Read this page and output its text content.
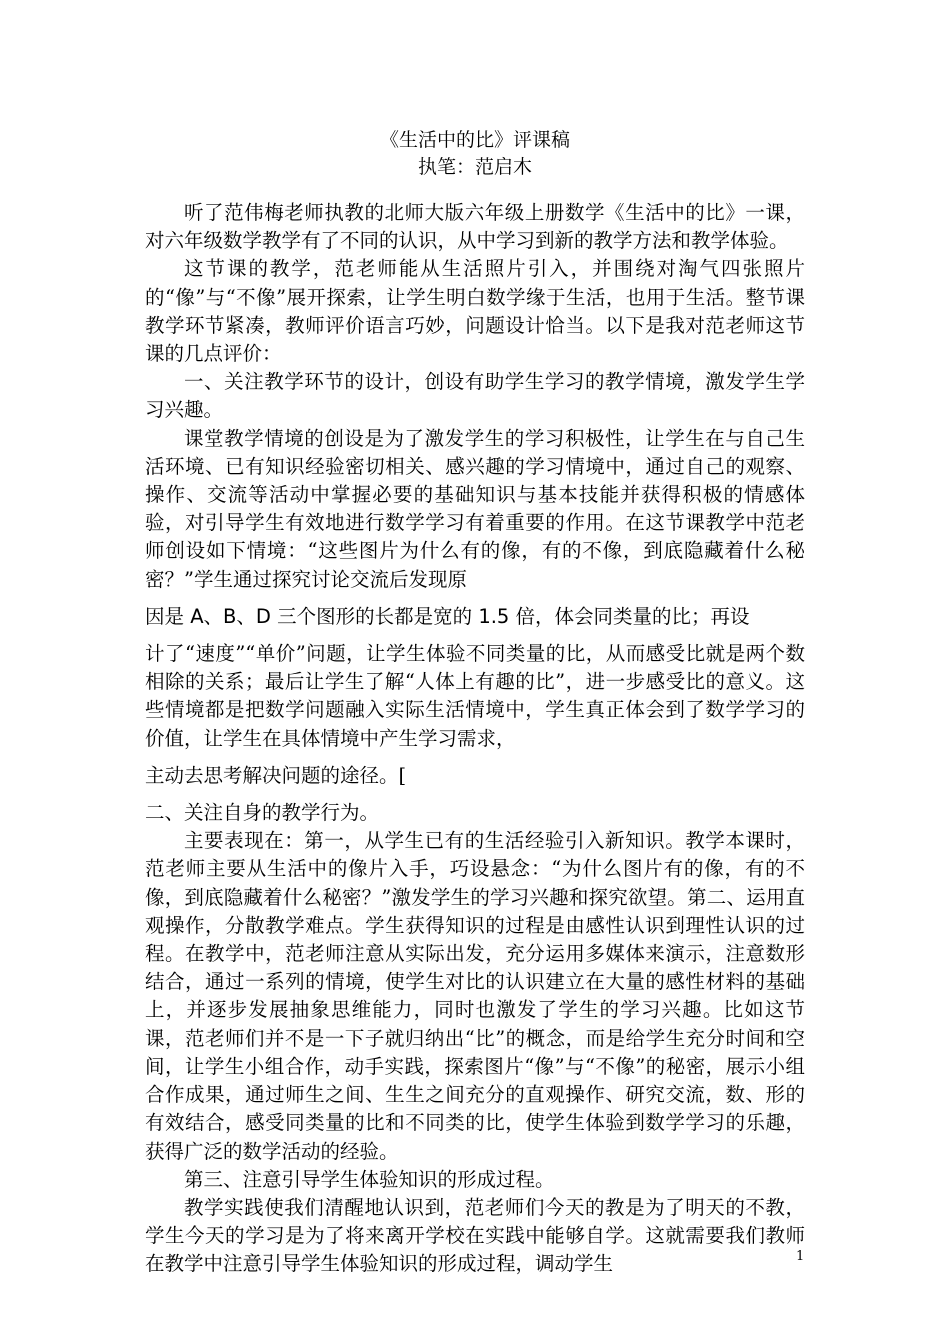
《生活中的比》评课稿
执笔：范启木

听了范伟梅老师执教的北师大版六年级上册数学《生活中的比》一课，对六年级数学教学有了不同的认识，从中学习到新的教学方法和教学体验。

这节课的教学，范老师能从生活照片引入，并围绕对淘气四张照片的“像”与“不像”展开探索，让学生明白数学缘于生活，也用于生活。整节课教学环节紧凑，教师评价语言巧妙，问题设计恰当。以下是我对范老师这节课的几点评价：

一、关注教学环节的设计，创设有助学生学习的教学情境，激发学生学习兴趣。

课堂教学情境的创设是为了激发学生的学习积极性，让学生在与自己生活环境、已有知识经验密切相关、感兴趣的学习情境中，通过自己的观察、操作、交流等活动中掌握必要的基础知识与基本技能并获得积极的情感体验，对引导学生有效地进行数学学习有着重要的作用。在这节课教学中范老师创设如下情境：“这些图片为什么有的像，有的不像，到底隐藏着什么秘密？”学生通过探究讨论交流后发现原

因是 A、B、D 三个图形的长都是宽的 1.5 倍，体会同类量的比；再设

计了“速度”“单价”问题，让学生体验不同类量的比，从而感受比就是两个数相除的关系；最后让学生了解“人体上有趣的比”，进一步感受比的意义。这些情境都是把数学问题融入实际生活情境中，学生真正体会到了数学学习的价值，让学生在具体情境中产生学习需求，

主动去思考解决问题的途径。[

二、关注自身的教学行为。

主要表现在：第一，从学生已有的生活经验引入新知识。教学本课时，范老师主要从生活中的像片入手，巧设悬念：“为什么图片有的像，有的不像，到底隐藏着什么秘密？”激发学生的学习兴趣和探究欲望。第二、运用直观操作，分散教学难点。学生获得知识的过程是由感性认识到理性认识的过程。在教学中，范老师注意从实际出发，充分运用多媒体来演示，注意数形结合，通过一系列的情境，使学生对比的认识建立在大量的感性材料的基础上，并逐步发展抽象思维能力，同时也激发了学生的学习兴趣。比如这节课，范老师们并不是一下子就归纳出“比”的概念，而是给学生充分时间和空间，让学生小组合作，动手实践，探索图片“像”与“不像”的秘密，展示小组合作成果，通过师生之间、生生之间充分的直观操作、研究交流，数、形的有效结合，感受同类量的比和不同类的比，使学生体验到数学学习的乐趣，获得广泛的数学活动的经验。

第三、注意引导学生体验知识的形成过程。

教学实践使我们清醒地认识到，范老师们今天的教是为了明天的不教，学生今天的学习是为了将来离开学校在实践中能够自学。这就需要我们教师在教学中注意引导学生体验知识的形成过程，调动学生	1
